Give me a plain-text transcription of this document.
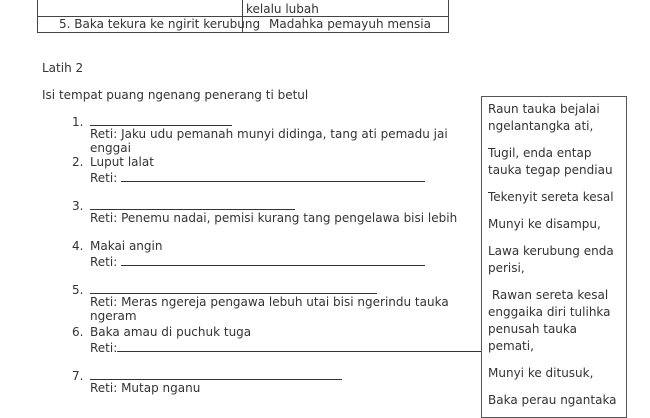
kelalu lubah
5. Baka tekura ke ngirit kerubung Madahka pemayuh mensia
Latih 2
Isi tempat puang ngenang penerang ti betul
1.
Reti: Jaku udu pemanah munyi didinga, tang ati pemadu jai enggai
2. Luput lalat
Reti:
3.
Reti: Penemu nadai, pemisi kurang tang pengelawa bisi lebih
4. Makai angin
Reti:
5.
Reti: Meras ngereja pengawa lebuh utai bisi ngerindu tauka ngeram
6. Baka amau di puchuk tuga
Reti:
7.
Reti: Mutap nganu

Raun tauka bejalai ngelantangka ati,

Tugil, enda entap tauka tegap pendiau

Tekenyit sereta kesal

Munyi ke disampu,

Lawa kerubung enda perisi,

Rawan sereta kesal enggaika diri tulihka penusah tauka pemati,

Munyi ke ditusuk,

Baka perau ngantaka
